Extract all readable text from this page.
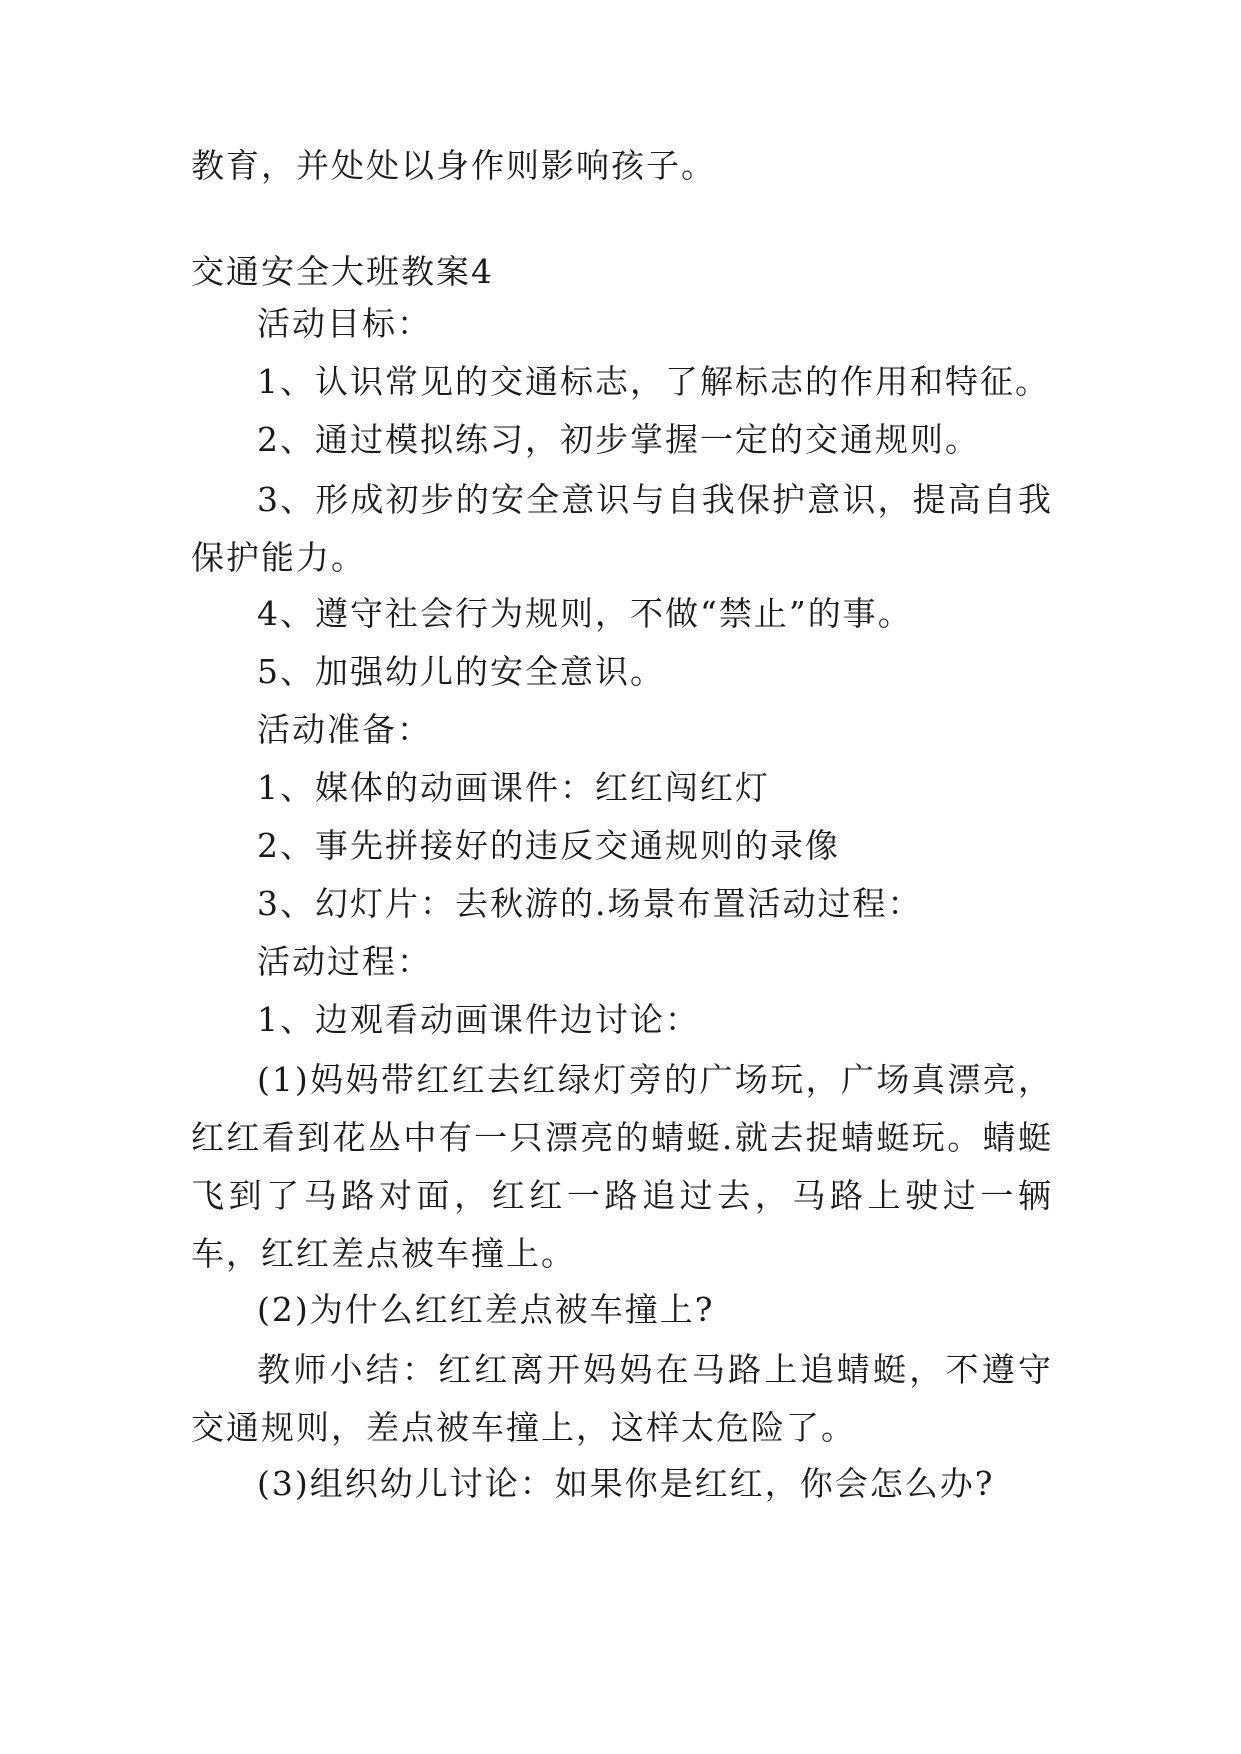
教育，并处处以身作则影响孩子。

交通安全大班教案4

活动目标：

1、认识常见的交通标志，了解标志的作用和特征。

2、通过模拟练习，初步掌握一定的交通规则。

3、形成初步的安全意识与自我保护意识，提高自我保护能力。

4、遵守社会行为规则，不做“禁止”的事。

5、加强幼儿的安全意识。

活动准备：

1、媒体的动画课件：红红闯红灯

2、事先拼接好的违反交通规则的录像

3、幻灯片：去秋游的.场景布置活动过程：

活动过程：

1、边观看动画课件边讨论：

(1)妈妈带红红去红绿灯旁的广场玩，广场真漂亮，红红看到花丛中有一只漂亮的蜻蜓.就去捉蜻蜓玩。蜻蜓飞到了马路对面，红红一路追过去，马路上驶过一辆车，红红差点被车撞上。

(2)为什么红红差点被车撞上?

教师小结：红红离开妈妈在马路上追蜻蜓，不遵守交通规则，差点被车撞上，这样太危险了。

(3)组织幼儿讨论：如果你是红红，你会怎么办?
